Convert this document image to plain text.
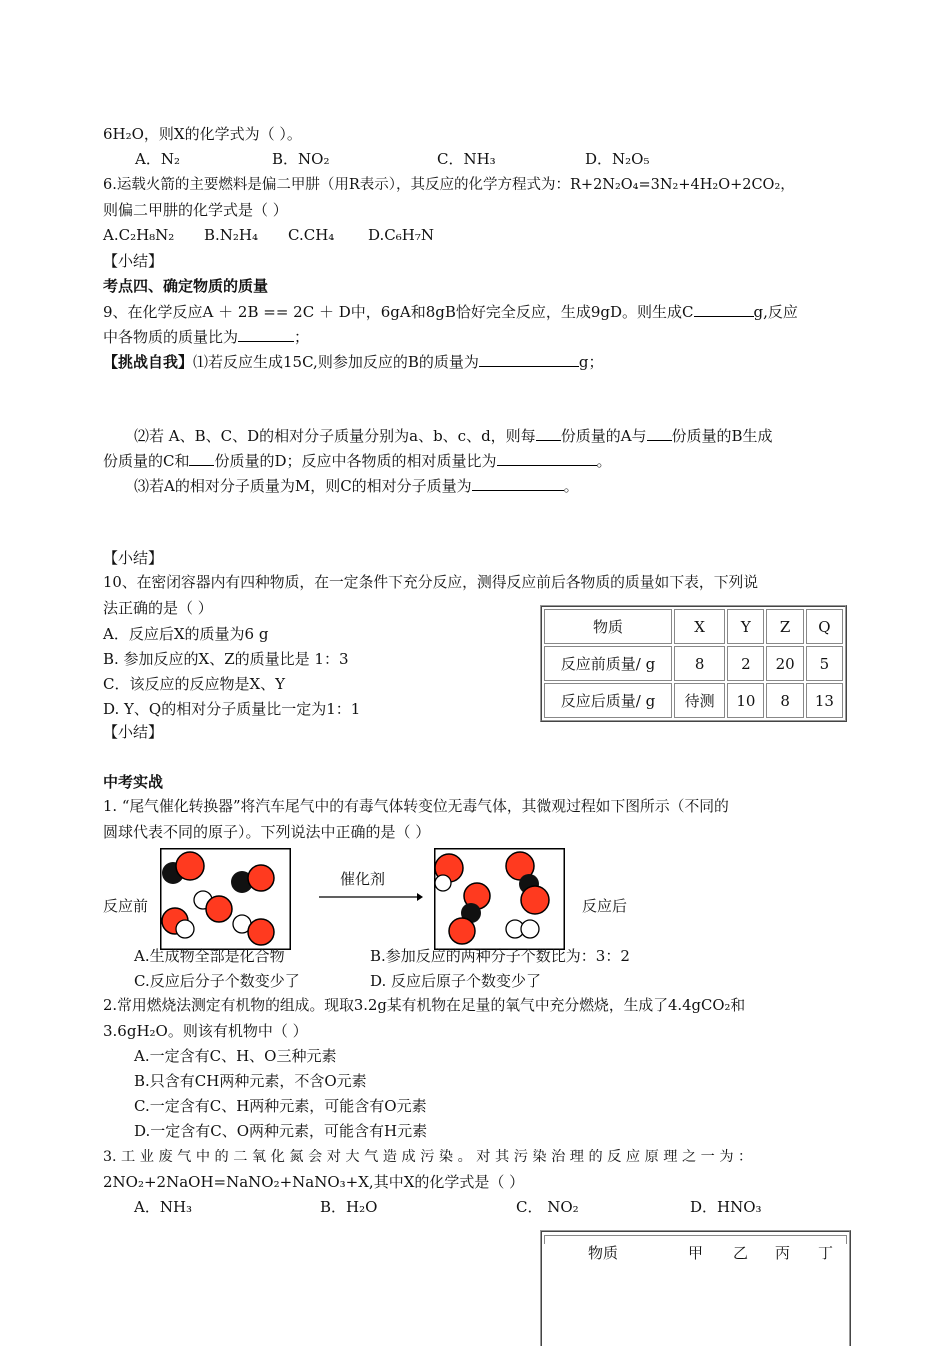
6H₂O，则X的化学式为（ ）。
A．N₂	B．NO₂	C．NH₃	D．N₂O₅
6.运载火箭的主要燃料是偏二甲肼（用R表示），其反应的化学方程式为：R+2N₂O₄=3N₂+4H₂O+2CO₂，
则偏二甲肼的化学式是（ ）
A.C₂H₈N₂ B.N₂H₄ C.CH₄ D.C₆H₇N
【小结】
考点四、确定物质的质量
9、在化学反应A ＋ 2B == 2C ＋ D中，6gA和8gB恰好完全反应，生成9gD。则生成C	g,反应
中各物质的质量比为	；
【挑战自我】⑴若反应生成15C,则参加反应的B的质量为	g；
⑵若 A、B、C、D的相对分子质量分别为a、b、c、d，则每 份质量的A与 份质量的B生成
份质量的C和 份质量的D；反应中各物质的相对质量比为	。
⑶若A的相对分子质量为M，则C的相对分子质量为	。
【小结】
10、在密闭容器内有四种物质，在一定条件下充分反应，测得反应前后各物质的质量如下表，下列说
法正确的是（ ）
A．反应后X的质量为6 g
B. 参加反应的X、Z的质量比是 1：3
C．该反应的反应物是X、Y
D. Y、Q的相对分子质量比一定为1：1
物质	X	Y	Z	Q
反应前质量/ g	8	2	20	5
反应后质量/ g	待测	10	8	13
【小结】
中考实战
1. “尾气催化转换器”将汽车尾气中的有毒气体转变位无毒气体，其微观过程如下图所示（不同的
圆球代表不同的原子）。下列说法中正确的是（ ）
反应前	反应后
催化剂
A.生成物全部是化合物	B.参加反应的两种分子个数比为：3：2
C.反应后分子个数变少了	D. 反应后原子个数变少了
2.常用燃烧法测定有机物的组成。现取3.2g某有机物在足量的氧气中充分燃烧，生成了4.4gCO₂和
3.6gH₂O。则该有机物中（ ）
A.一定含有C、H、O三种元素
B.只含有CH两种元素，不含O元素
C.一定含有C、H两种元素，可能含有O元素
D.一定含有C、O两种元素，可能含有H元素
3. 工 业 废 气 中 的 二 氧 化 氮 会 对 大 气 造 成 污 染 。 对 其 污 染 治 理 的 反 应 原 理 之 一 为 ：
2NO₂+2NaOH=NaNO₂+NaNO₃+X,其中X的化学式是（ ）
A．NH₃	B．H₂O	C． NO₂	D．HNO₃
物质	甲 乙 丙 丁
